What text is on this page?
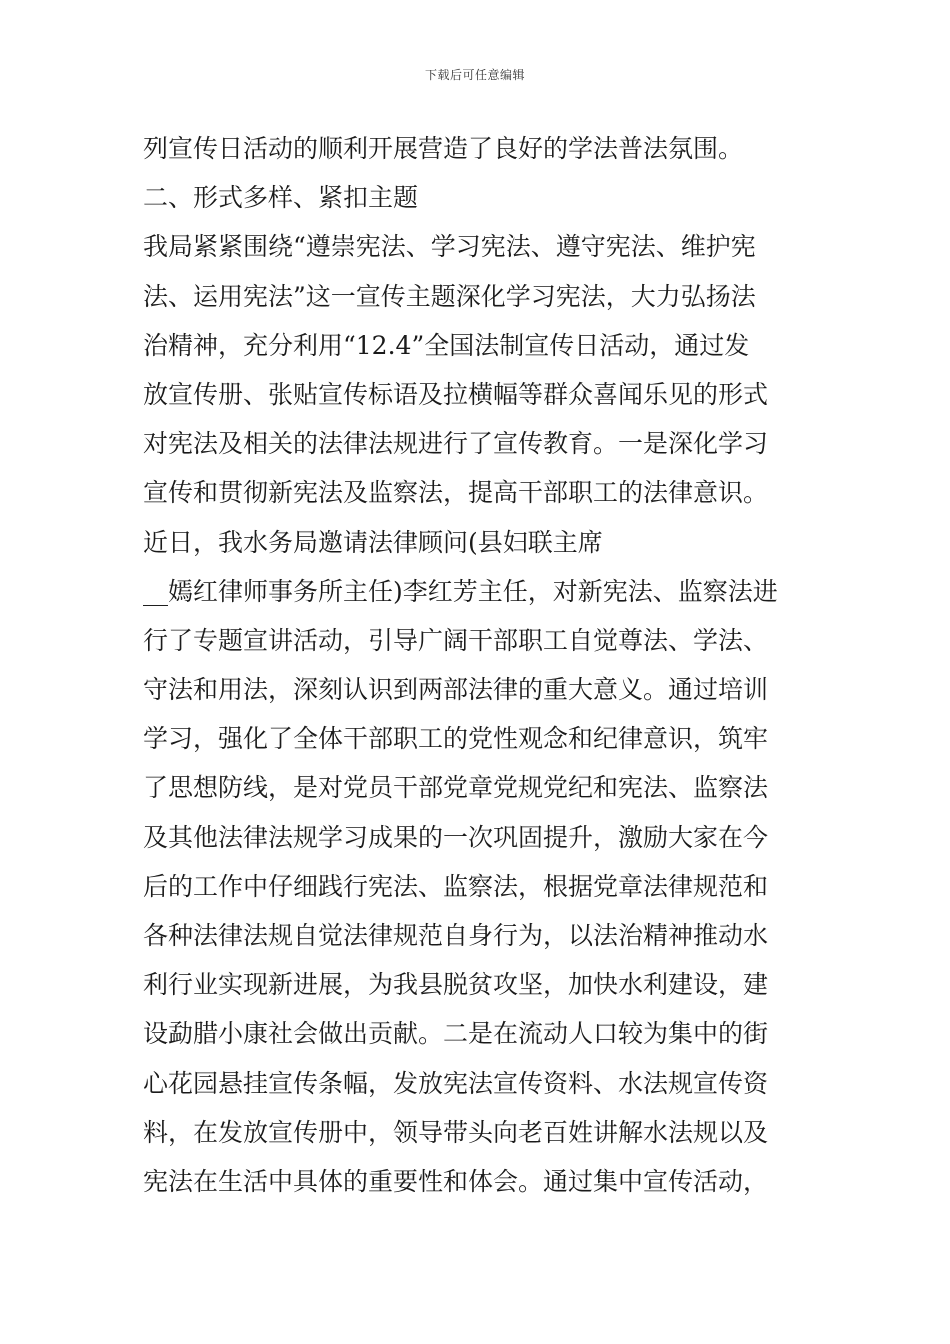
下载后可任意编辑
列宣传日活动的顺利开展营造了良好的学法普法氛围。
二、形式多样、紧扣主题
我局紧紧围绕“遵崇宪法、学习宪法、遵守宪法、维护宪
法、运用宪法”这一宣传主题深化学习宪法，大力弘扬法
治精神，充分利用“12.4”全国法制宣传日活动，通过发
放宣传册、张贴宣传标语及拉横幅等群众喜闻乐见的形式
对宪法及相关的法律法规进行了宣传教育。一是深化学习
宣传和贯彻新宪法及监察法，提高干部职工的法律意识。
近日，我水务局邀请法律顾问(县妇联主席
__嫣红律师事务所主任)李红芳主任，对新宪法、监察法进
行了专题宣讲活动，引导广阔干部职工自觉尊法、学法、
守法和用法，深刻认识到两部法律的重大意义。通过培训
学习，强化了全体干部职工的党性观念和纪律意识，筑牢
了思想防线，是对党员干部党章党规党纪和宪法、监察法
及其他法律法规学习成果的一次巩固提升，激励大家在今
后的工作中仔细践行宪法、监察法，根据党章法律规范和
各种法律法规自觉法律规范自身行为，以法治精神推动水
利行业实现新进展，为我县脱贫攻坚，加快水利建设，建
设勐腊小康社会做出贡献。二是在流动人口较为集中的街
心花园悬挂宣传条幅，发放宪法宣传资料、水法规宣传资
料，在发放宣传册中，领导带头向老百姓讲解水法规以及
宪法在生活中具体的重要性和体会。通过集中宣传活动，
